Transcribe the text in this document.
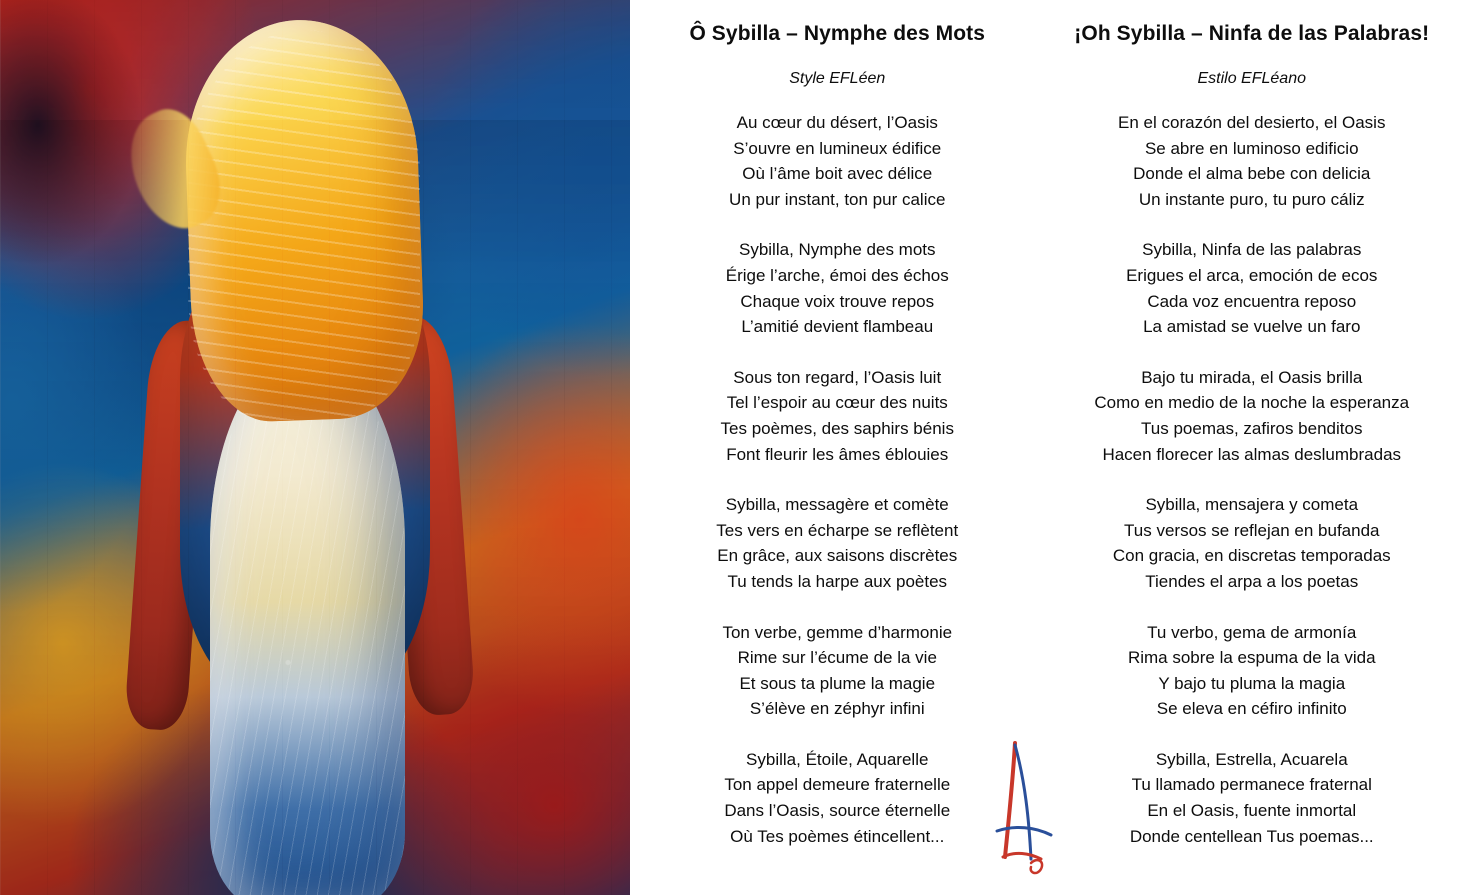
Ô Sybilla – Nymphe des Mots
Style EFLéen
Au cœur du désert, l’Oasis
S’ouvre en lumineux édifice
Où l’âme boit avec délice
Un pur instant, ton pur calice
Sybilla, Nymphe des mots
Érige l’arche, émoi des échos
Chaque voix trouve repos
L’amitié devient flambeau
Sous ton regard, l’Oasis luit
Tel l’espoir au cœur des nuits
Tes poèmes, des saphirs bénis
Font fleurir les âmes éblouies
Sybilla, messagère et comète
Tes vers en écharpe se reflètent
En grâce, aux saisons discrètes
Tu tends la harpe aux poètes
Ton verbe, gemme d’harmonie
Rime sur l’écume de la vie
Et sous ta plume la magie
S’élève en zéphyr infini
Sybilla, Étoile, Aquarelle
Ton appel demeure fraternelle
Dans l’Oasis, source éternelle
Où Tes poèmes étincellent...
¡Oh Sybilla – Ninfa de las Palabras!
Estilo EFLéano
En el corazón del desierto, el Oasis
Se abre en luminoso edificio
Donde el alma bebe con delicia
Un instante puro, tu puro cáliz
Sybilla, Ninfa de las palabras
Erigues el arca, emoción de ecos
Cada voz encuentra reposo
La amistad se vuelve un faro
Bajo tu mirada, el Oasis brilla
Como en medio de la noche la esperanza
Tus poemas, zafiros benditos
Hacen florecer las almas deslumbradas
Sybilla, mensajera y cometa
Tus versos se reflejan en bufanda
Con gracia, en discretas temporadas
Tiendes el arpa a los poetas
Tu verbo, gema de armonía
Rima sobre la espuma de la vida
Y bajo tu pluma la magia
Se eleva en céfiro infinito
Sybilla, Estrella, Acuarela
Tu llamado permanece fraternal
En el Oasis, fuente inmortal
Donde centellean Tus poemas...
